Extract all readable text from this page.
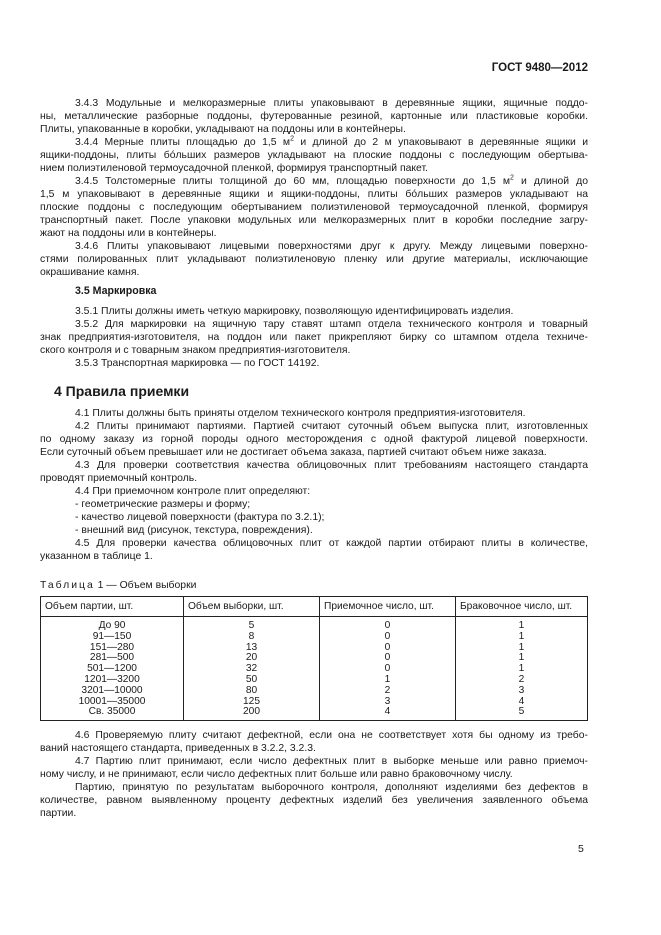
ГОСТ 9480—2012
3.4.3 Модульные и мелкоразмерные плиты упаковывают в деревянные ящики, ящичные поддо-
ны, металлические разборные поддоны, футерованные резиной, картонные или пластиковые коробки.
Плиты, упакованные в коробки, укладывают на поддоны или в контейнеры.
3.4.4 Мерные плиты площадью до 1,5 $м^2$ и длиной до 2 м упаковывают в деревянные ящики и
ящики-поддоны, плиты бóльших размеров укладывают на плоские поддоны с последующим обертыва-
нием полиэтиленовой термоусадочной пленкой, формируя транспортный пакет.
3.4.5 Толстомерные плиты толщиной до 60 мм, площадью поверхности до 1,5 $м^2$ и длиной до
1,5 м упаковывают в деревянные ящики и ящики-поддоны, плиты бóльших размеров укладывают на
плоские поддоны с последующим обертыванием полиэтиленовой термоусадочной пленкой, формируя
транспортный пакет. После упаковки модульных или мелкоразмерных плит в коробки последние загру-
жают на поддоны или в контейнеры.
3.4.6 Плиты упаковывают лицевыми поверхностями друг к другу. Между лицевыми поверхно-
стями полированных плит укладывают полиэтиленовую пленку или другие материалы, исключающие
окрашивание камня.
3.5 Маркировка
3.5.1 Плиты должны иметь четкую маркировку, позволяющую идентифицировать изделия.
3.5.2 Для маркировки на ящичную тару ставят штамп отдела технического контроля и товарный
знак предприятия-изготовителя, на поддон или пакет прикрепляют бирку со штампом отдела техниче-
ского контроля и с товарным знаком предприятия-изготовителя.
3.5.3 Транспортная маркировка — по ГОСТ 14192.
4 Правила приемки
4.1 Плиты должны быть приняты отделом технического контроля предприятия-изготовителя.
4.2 Плиты принимают партиями. Партией считают суточный объем выпуска плит, изготовленных
по одному заказу из горной породы одного месторождения с одной фактурой лицевой поверхности.
Если суточный объем превышает или не достигает объема заказа, партией считают объем ниже заказа.
4.3 Для проверки соответствия качества облицовочных плит требованиям настоящего стандарта
проводят приемочный контроль.
4.4 При приемочном контроле плит определяют:
- геометрические размеры и форму;
- качество лицевой поверхности (фактура по 3.2.1);
- внешний вид (рисунок, текстура, повреждения).
4.5 Для проверки качества облицовочных плит от каждой партии отбирают плиты в количестве,
указанном в таблице 1.
Таблица 1 — Объем выборки
Объем партии, шт.	Объем выборки, шт.	Приемочное число, шт.	Браковочное число, шт.
До 90	5	0	1
91—150	8	0	1
151—280	13	0	1
281—500	20	0	1
501—1200	32	0	1
1201—3200	50	1	2
3201—10000	80	2	3
10001—35000	125	3	4
Св. 35000	200	4	5
4.6 Проверяемую плиту считают дефектной, если она не соответствует хотя бы одному из требо-
ваний настоящего стандарта, приведенных в 3.2.2, 3.2.3.
4.7 Партию плит принимают, если число дефектных плит в выборке меньше или равно приемоч-
ному числу, и не принимают, если число дефектных плит больше или равно браковочному числу.
Партию, принятую по результатам выборочного контроля, дополняют изделиями без дефектов в
количестве, равном выявленному проценту дефектных изделий без увеличения заявленного объема
партии.
5
